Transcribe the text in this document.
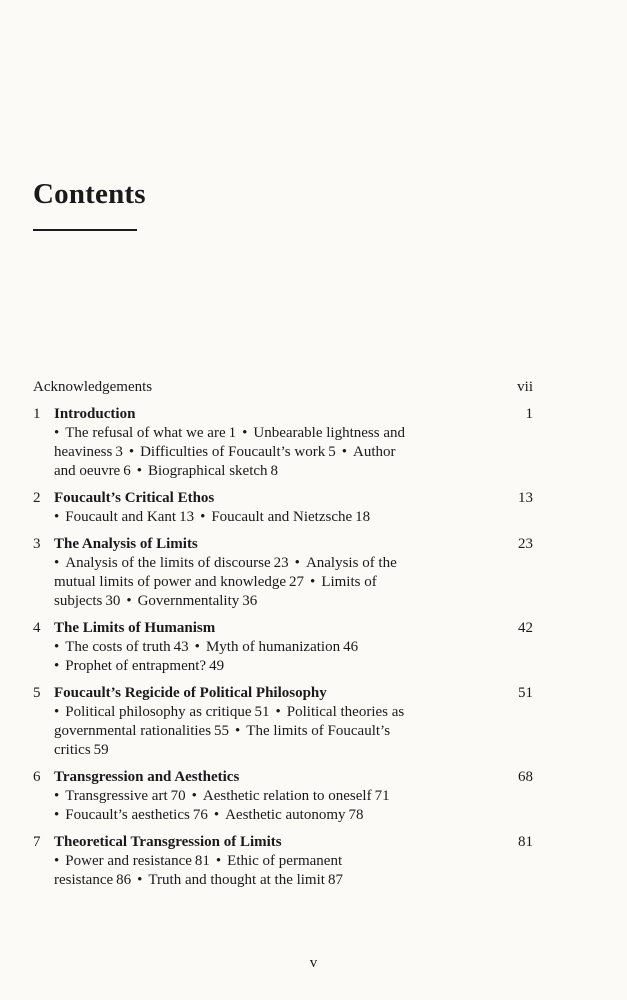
Contents
Acknowledgements	vii
1 Introduction	1
• The refusal of what we are 1 • Unbearable lightness and
heaviness 3 • Difficulties of Foucault’s work 5 • Author
and oeuvre 6 • Biographical sketch 8
2 Foucault’s Critical Ethos	13
• Foucault and Kant 13 • Foucault and Nietzsche 18
3 The Analysis of Limits	23
• Analysis of the limits of discourse 23 • Analysis of the
mutual limits of power and knowledge 27 • Limits of
subjects 30 • Governmentality 36
4 The Limits of Humanism	42
• The costs of truth 43 • Myth of humanization 46
• Prophet of entrapment? 49
5 Foucault’s Regicide of Political Philosophy	51
• Political philosophy as critique 51 • Political theories as
governmental rationalities 55 • The limits of Foucault’s
critics 59
6 Transgression and Aesthetics	68
• Transgressive art 70 • Aesthetic relation to oneself 71
• Foucault’s aesthetics 76 • Aesthetic autonomy 78
7 Theoretical Transgression of Limits	81
• Power and resistance 81 • Ethic of permanent
resistance 86 • Truth and thought at the limit 87
v
